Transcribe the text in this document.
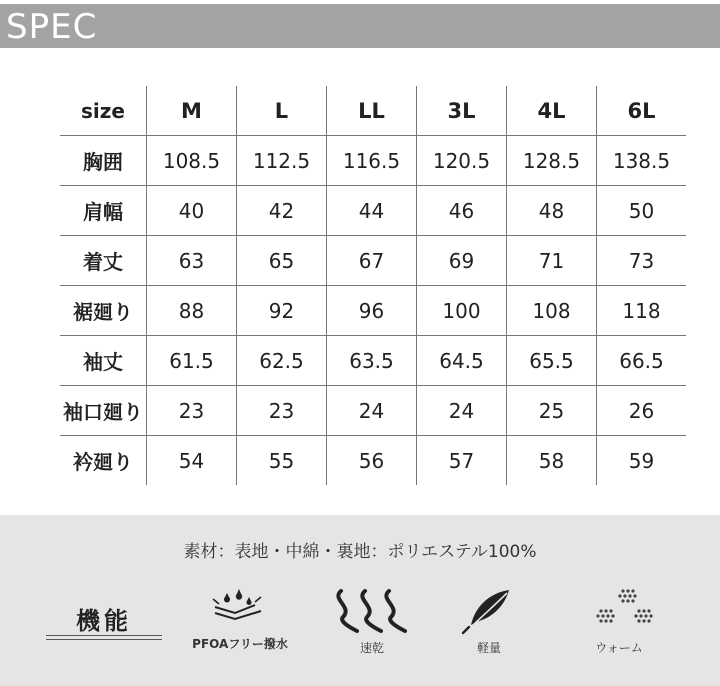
SPEC
size	M	L	LL	3L	4L	6L
胸囲	108.5	112.5	116.5	120.5	128.5	138.5
肩幅	40	42	44	46	48	50
着丈	63	65	67	69	71	73
裾廻り	88	92	96	100	108	118
袖丈	61.5	62.5	63.5	64.5	65.5	66.5
袖口廻り	23	23	24	24	25	26
衿廻り	54	55	56	57	58	59
素材：表地・中綿・裏地：ポリエステル100%
機能
PFOAフリー撥水	速乾	軽量	ウォーム
